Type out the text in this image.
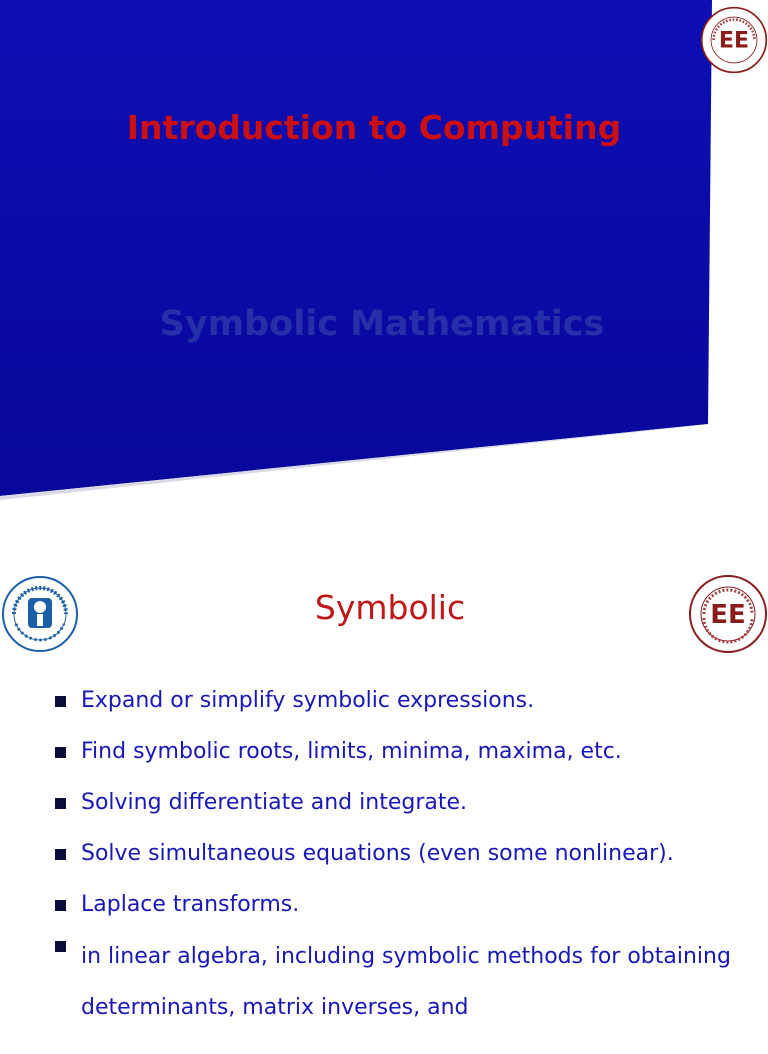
Introduction to Computing
Symbolic Mathematics
EE
Symbolic	EE
Expand or simplify symbolic expressions.
Find symbolic roots, limits, minima, maxima, etc.
Solving differentiate and integrate.
Solve simultaneous equations (even some nonlinear).
Laplace transforms.
in linear algebra, including symbolic methods for obtaining determinants, matrix inverses, and
